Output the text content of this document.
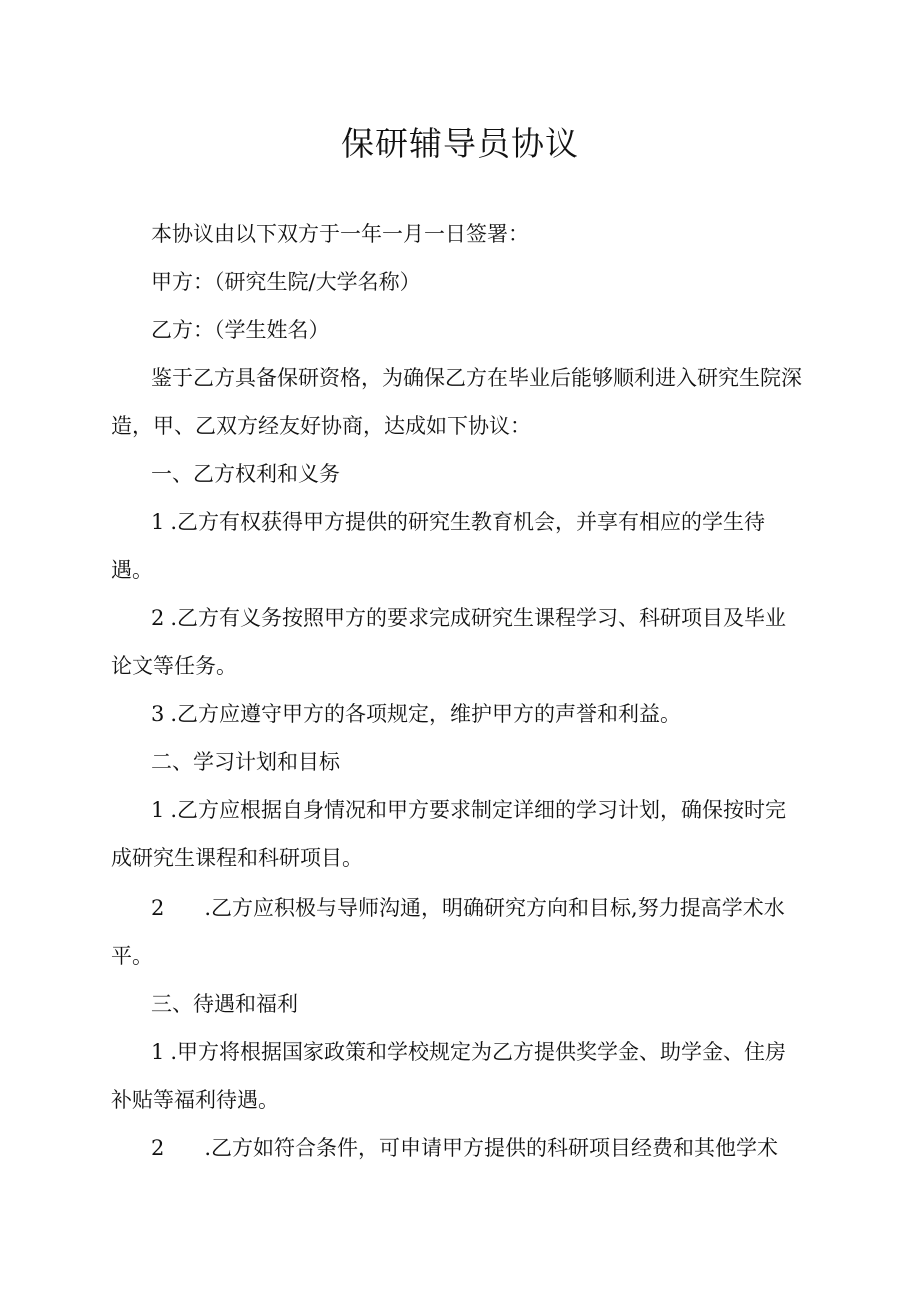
保研辅导员协议

本协议由以下双方于一年一月一日签署：

甲方：（研究生院/大学名称）

乙方：（学生姓名）

鉴于乙方具备保研资格，为确保乙方在毕业后能够顺利进入研究生院深

造，甲、乙双方经友好协商，达成如下协议：

一、乙方权利和义务

1 .乙方有权获得甲方提供的研究生教育机会，并享有相应的学生待

遇。

2 .乙方有义务按照甲方的要求完成研究生课程学习、科研项目及毕业

论文等任务。

3 .乙方应遵守甲方的各项规定，维护甲方的声誉和利益。

二、学习计划和目标

1 .乙方应根据自身情况和甲方要求制定详细的学习计划，确保按时完

成研究生课程和科研项目。

2 .乙方应积极与导师沟通，明确研究方向和目标,努力提高学术水

平。

三、待遇和福利

1 .甲方将根据国家政策和学校规定为乙方提供奖学金、助学金、住房

补贴等福利待遇。

2 .乙方如符合条件，可申请甲方提供的科研项目经费和其他学术
